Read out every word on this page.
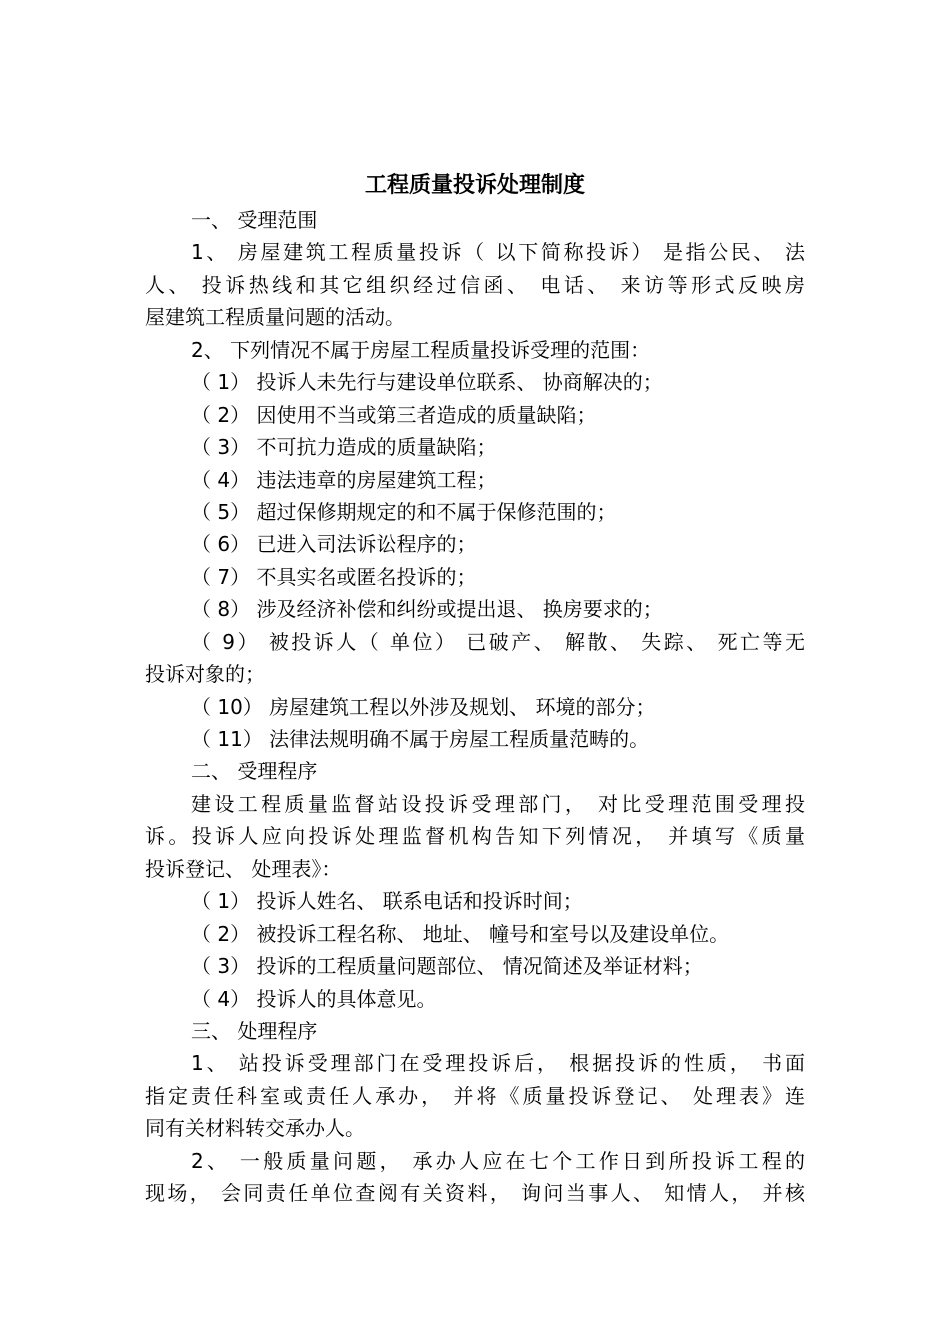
工程质量投诉处理制度
一、 受理范围
1、 房屋建筑工程质量投诉（ 以下简称投诉） 是指公民、 法
人、 投诉热线和其它组织经过信函、 电话、 来访等形式反映房
屋建筑工程质量问题的活动。
2、 下列情况不属于房屋工程质量投诉受理的范围：
（ 1） 投诉人未先行与建设单位联系、 协商解决的；
（ 2） 因使用不当或第三者造成的质量缺陷；
（ 3） 不可抗力造成的质量缺陷；
（ 4） 违法违章的房屋建筑工程；
（ 5） 超过保修期规定的和不属于保修范围的；
（ 6） 已进入司法诉讼程序的；
（ 7） 不具实名或匿名投诉的；
（ 8） 涉及经济补偿和纠纷或提出退、 换房要求的；
（ 9） 被投诉人（ 单位） 已破产、 解散、 失踪、 死亡等无
投诉对象的；
（ 10） 房屋建筑工程以外涉及规划、 环境的部分；
（ 11） 法律法规明确不属于房屋工程质量范畴的。
二、 受理程序
建设工程质量监督站设投诉受理部门， 对比受理范围受理投
诉。投诉人应向投诉处理监督机构告知下列情况， 并填写《质量
投诉登记、 处理表》：
（ 1） 投诉人姓名、 联系电话和投诉时间；
（ 2） 被投诉工程名称、 地址、 幢号和室号以及建设单位。
（ 3） 投诉的工程质量问题部位、 情况简述及举证材料；
（ 4） 投诉人的具体意见。
三、 处理程序
1、 站投诉受理部门在受理投诉后， 根据投诉的性质， 书面
指定责任科室或责任人承办， 并将《质量投诉登记、 处理表》连
同有关材料转交承办人。
2、 一般质量问题， 承办人应在七个工作日到所投诉工程的
现场， 会同责任单位查阅有关资料， 询问当事人、 知情人， 并核
